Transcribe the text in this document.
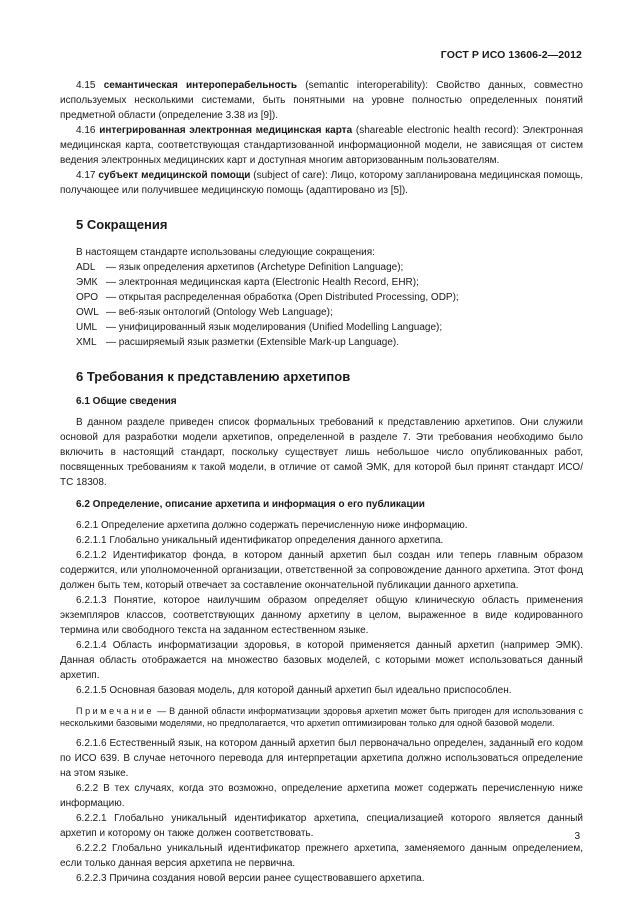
ГОСТ Р ИСО 13606-2—2012

4.15 семантическая интероперабельность (semantic interoperability): Свойство данных, совместно используемых несколькими системами, быть понятными на уровне полностью определенных понятий предметной области (определение 3.38 из [9]).

4.16 интегрированная электронная медицинская карта (shareable electronic health record): Электронная медицинская карта, соответствующая стандартизованной информационной модели, не зависящая от систем ведения электронных медицинских карт и доступная многим авторизованным пользователям.

4.17 субъект медицинской помощи (subject of care): Лицо, которому запланирована медицинская помощь, получающее или получившее медицинскую помощь (адаптировано из [5]).

5 Сокращения

В настоящем стандарте использованы следующие сокращения:

ADL	— язык определения архетипов (Archetype Definition Language);
ЭМК — электронная медицинская карта (Electronic Health Record, EHR);
ОРО — открытая распределенная обработка (Open Distributed Processing, ODP);
OWL — веб-язык онтологий (Ontology Web Language);
UML — унифицированный язык моделирования (Unified Modelling Language);
XML — расширяемый язык разметки (Extensible Mark-up Language).
6 Требования к представлению архетипов
6.1 Общие сведения

В данном разделе приведен список формальных требований к представлению архетипов. Они служили основой для разработки модели архетипов, определенной в разделе 7. Эти требования необходимо было включить в настоящий стандарт, поскольку существует лишь небольшое число опубликованных работ, посвященных требованиям к такой модели, в отличие от самой ЭМК, для которой был принят стандарт ИСО/ТС 18308.

6.2 Определение, описание архетипа и информация о его публикации

6.2.1 Определение архетипа должно содержать перечисленную ниже информацию.

6.2.1.1 Глобально уникальный идентификатор определения данного архетипа.

6.2.1.2 Идентификатор фонда, в котором данный архетип был создан или теперь главным образом содержится, или уполномоченной организации, ответственной за сопровождение данного архетипа. Этот фонд должен быть тем, который отвечает за составление окончательной публикации данного архетипа.

6.2.1.3 Понятие, которое наилучшим образом определяет общую клиническую область применения экземпляров классов, соответствующих данному архетипу в целом, выраженное в виде кодированного термина или свободного текста на заданном естественном языке.

6.2.1.4 Область информатизации здоровья, в которой применяется данный архетип (например ЭМК). Данная область отображается на множество базовых моделей, с которыми может использоваться данный архетип.

6.2.1.5 Основная базовая модель, для которой данный архетип был идеально приспособлен.

Примечание — В данной области информатизации здоровья архетип может быть пригоден для использования с несколькими базовыми моделями, но предполагается, что архетип оптимизирован только для одной базовой модели.

6.2.1.6 Естественный язык, на котором данный архетип был первоначально определен, заданный его кодом по ИСО 639. В случае неточного перевода для интерпретации архетипа должно использоваться определение на этом языке.

6.2.2 В тех случаях, когда это возможно, определение архетипа может содержать перечисленную ниже информацию.

6.2.2.1 Глобально уникальный идентификатор архетипа, специализацией которого является данный архетип и которому он также должен соответствовать.

6.2.2.2 Глобально уникальный идентификатор прежнего архетипа, заменяемого данным определением, если только данная версия архетипа не первична.

6.2.2.3 Причина создания новой версии ранее существовавшего архетипа.

3
